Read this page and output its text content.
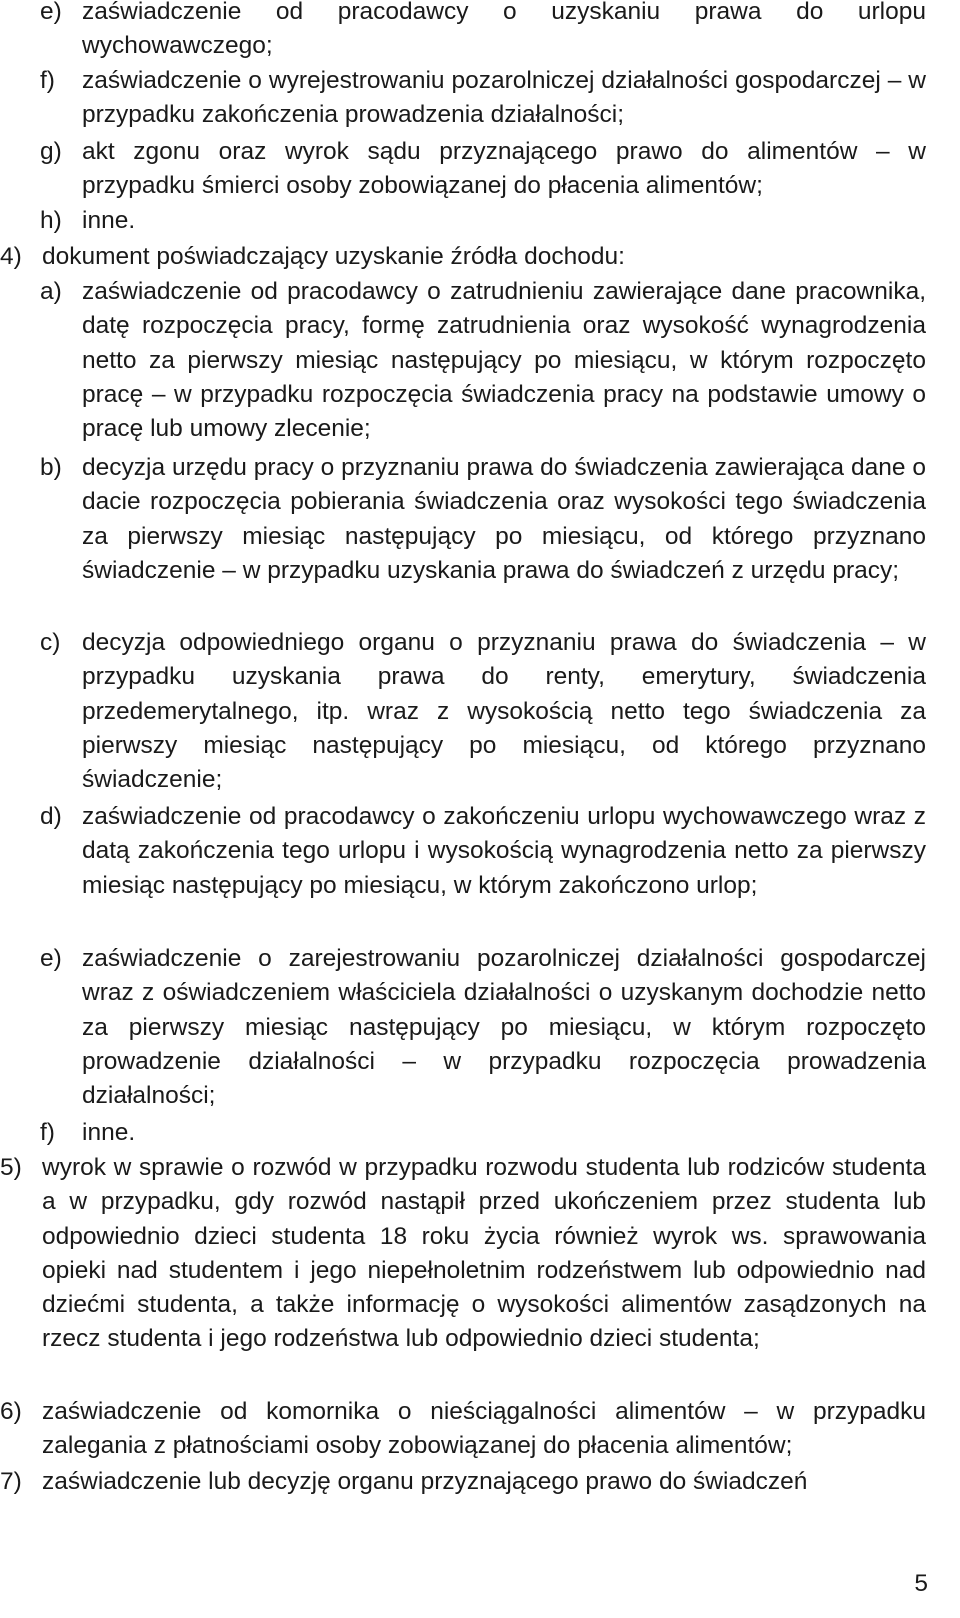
e) zaświadczenie od pracodawcy o uzyskaniu prawa do urlopu wychowawczego;
f)	zaświadczenie o wyrejestrowaniu pozarolniczej działalności gospodarczej – w przypadku zakończenia prowadzenia działalności;
g) akt zgonu oraz wyrok sądu przyznającego prawo do alimentów – w przypadku śmierci osoby zobowiązanej do płacenia alimentów;
h) inne.
4) dokument poświadczający uzyskanie źródła dochodu:
a) zaświadczenie od pracodawcy o zatrudnieniu zawierające dane pracownika, datę rozpoczęcia pracy, formę zatrudnienia oraz wysokość wynagrodzenia netto za pierwszy miesiąc następujący po miesiącu, w którym rozpoczęto pracę – w przypadku rozpoczęcia świadczenia pracy na podstawie umowy o pracę lub umowy zlecenie;
b) decyzja urzędu pracy o przyznaniu prawa do świadczenia zawierająca dane o dacie rozpoczęcia pobierania świadczenia oraz wysokości tego świadczenia za pierwszy miesiąc następujący po miesiącu, od którego przyznano świadczenie – w przypadku uzyskania prawa do świadczeń z urzędu pracy;
c) decyzja odpowiedniego organu o przyznaniu prawa do świadczenia – w przypadku uzyskania prawa do renty, emerytury, świadczenia przedemerytalnego, itp. wraz z wysokością netto tego świadczenia za pierwszy miesiąc następujący po miesiącu, od którego przyznano świadczenie;
d) zaświadczenie od pracodawcy o zakończeniu urlopu wychowawczego wraz z datą zakończenia tego urlopu i wysokością wynagrodzenia netto za pierwszy miesiąc następujący po miesiącu, w którym zakończono urlop;
e) zaświadczenie o zarejestrowaniu pozarolniczej działalności gospodarczej wraz z oświadczeniem właściciela działalności o uzyskanym dochodzie netto za pierwszy miesiąc następujący po miesiącu, w którym rozpoczęto prowadzenie działalności – w przypadku rozpoczęcia prowadzenia działalności;
f)	inne.
5) wyrok w sprawie o rozwód w przypadku rozwodu studenta lub rodziców studenta a w przypadku, gdy rozwód nastąpił przed ukończeniem przez studenta lub odpowiednio dzieci studenta 18 roku życia również wyrok ws. sprawowania opieki nad studentem i jego niepełnoletnim rodzeństwem lub odpowiednio nad dziećmi studenta, a także informację o wysokości alimentów zasądzonych na rzecz studenta i jego rodzeństwa lub odpowiednio dzieci studenta;
6) zaświadczenie od komornika o nieściągalności alimentów – w przypadku zalegania z płatnościami osoby zobowiązanej do płacenia alimentów;
7) zaświadczenie lub decyzję organu przyznającego prawo do świadczeń
5
